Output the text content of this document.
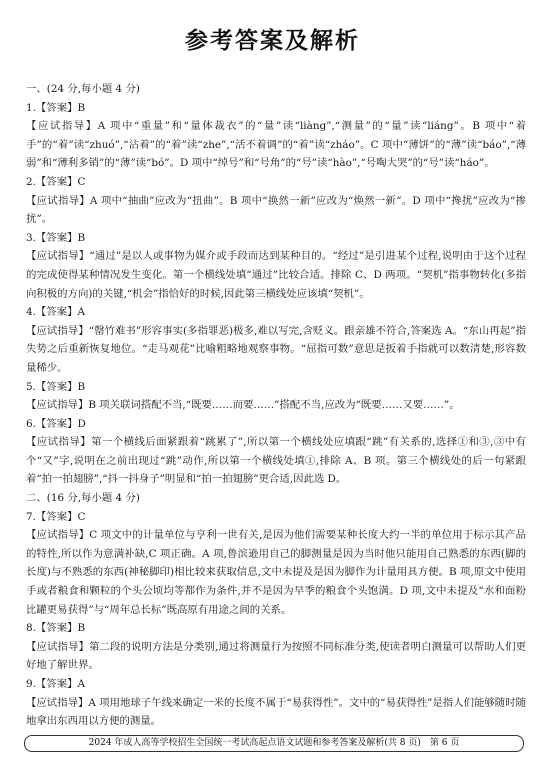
参考答案及解析

一、(24 分,每小题 4 分)

1.【答案】B

【应试指导】A 项中“重量”和“量体裁衣”的“量”读“liàng”,“测量”的“量”读“liáng”。B 项中“着手”的“着”读“zhuó”,“沾着”的“着”读“zhe”,“活不着调”的“着”读“zháo”。C 项中“薄饼”的“薄”读“báo”,“薄弱”和“薄利多销”的“薄”读“bó”。D 项中“绰号”和“号角”的“号”读“hào”,“号啕大哭”的“号”读“háo”。

2.【答案】C

【应试指导】A 项中“抽曲”应改为“扭曲”。B 项中“换然一新”应改为“焕然一新”。D 项中“搀扰”应改为“掺扰”。

3.【答案】B

【应试指导】“通过”是以人或事物为媒介或手段而达到某种目的。“经过”是引进某个过程,说明由于这个过程的完成使得某种情况发生变化。第一个横线处填“通过”比较合适。排除 C、D 两项。“契机”指事物转化(多指向积极的方向)的关键,“机会”指恰好的时候,因此第三横线处应该填“契机”。

4.【答案】A

【应试指导】“罄竹难书”形容事实(多指罪恶)极多,难以写完,含贬义。跟亲雄不符合,答案选 A。“东山再起”指失势之后重新恢复地位。“走马观花”比喻粗略地观察事物。“屈指可数”意思是扳着手指就可以数清楚,形容数量稀少。

5.【答案】B

【应试指导】B 项关联词搭配不当,“既要……而要……”搭配不当,应改为“既要……又要……”。

6.【答案】D

【应试指导】第一个横线后面紧跟着“跳累了”,所以第一个横线处应填跟“跳”有关系的,选择①和③,③中有个“又”字,说明在之前出现过“跳”动作,所以第一个横线处填①,排除 A、B 项。第三个横线处的后一句紧跟着“拍一拍翅膀”,“抖一抖身子”明显和“拍一拍翅膀”更合适,因此选 D。

二、(16 分,每小题 4 分)

7.【答案】C

【应试指导】C 项文中的计量单位与亨利一世有关,是因为他们需要某种长度大约一半的单位用于标示其产品的特性,所以作为意满补缺,C 项正确。A 项,鲁滨逊用自己的脚测量是因为当时他只能用自己熟悉的东西(脚的长度)与不熟悉的东西(神秘脚印)相比较来获取信息,文中未提及是因为脚作为计量用具方便。B 项,原文中使用手或者粮食和颗粒的个头公顷均等都作为条件,并不是因为早季的粮食个头饱满。D 项,文中未提及“水和面粉比罐更易获得”与“周年总长标”既高原有用途之间的关系。

8.【答案】B

【应试指导】第二段的说明方法是分类别,通过将测量行为按照不同标准分类,使读者明白测量可以帮助人们更好地了解世界。

9.【答案】A

【应试指导】A 项用地球子午线来确定一米的长度不属于“易获得性”。文中的“易获得性”是指人们能够随时随地拿出东西用以方便的测量。

2024 年成人高等学校招生全国统一考试高起点语文试题和参考答案及解析(共 8 页)　第 6 页
